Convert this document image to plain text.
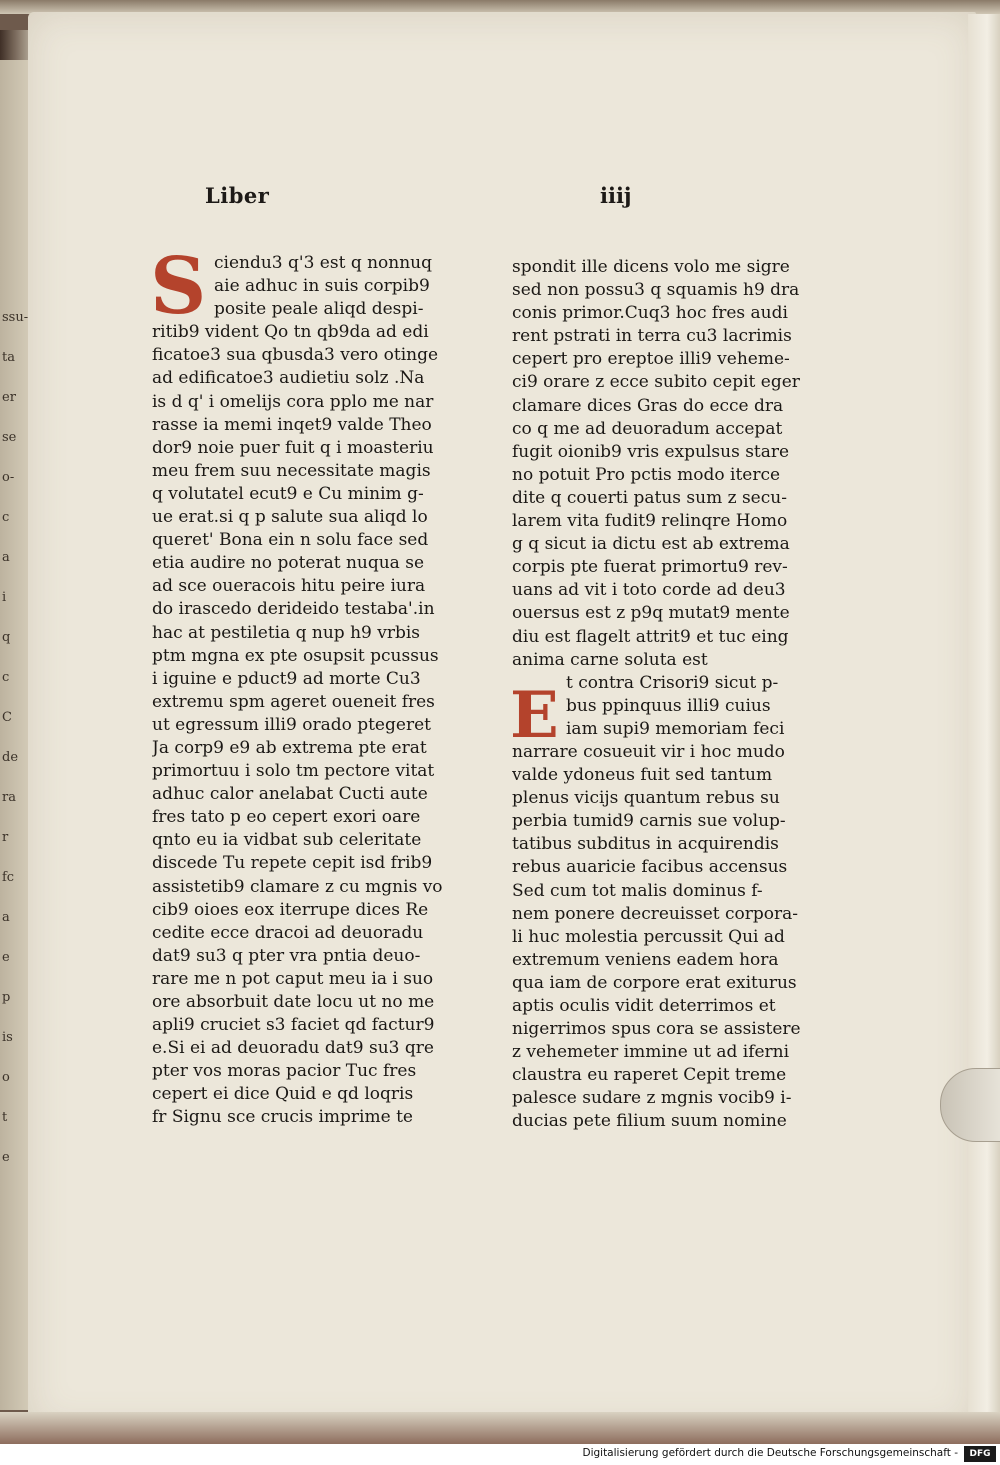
ssu-
ta
er
se
o-
c
a
i
q
c
C
de
ra
r
fc
a
e
p
is
o
t
e
Liber	iiij
S ciendu3 q'3 est q nonnuq
aie adhuc in suis corpib9
posite peale aliqd despi-
ritib9 vident Qo tn qb9da ad edi
ficatoe3 sua qbusda3 vero otinge
ad edificatoe3 audietiu solz .Na
is d q' i omelijs cora pplo me nar
rasse ia memi inqet9 valde Theo
dor9 noie puer fuit q i moasteriu
meu frem suu necessitate magis
q volutatel ecut9 e Cu minim g-
ue erat.si q p salute sua aliqd lo
queret' Bona ein n solu face sed
etia audire no poterat nuqua se
ad sce oueracois hitu peire iura
do irascedo derideido testaba'.in
hac at pestiletia q nup h9 vrbis
ptm mgna ex pte osupsit pcussus
i iguine e pduct9 ad morte Cu3
extremu spm ageret oueneit fres
ut egressum illi9 orado ptegeret
Ja corp9 e9 ab extrema pte erat
primortuu i solo tm pectore vitat
adhuc calor anelabat Cucti aute
fres tato p eo cepert exori oare
qnto eu ia vidbat sub celeritate
discede Tu repete cepit isd frib9
assistetib9 clamare z cu mgnis vo
cib9 oioes eox iterrupe dices Re
cedite ecce dracoi ad deuoradu
dat9 su3 q pter vra pntia deuo-
rare me n pot caput meu ia i suo
ore absorbuit date locu ut no me
apli9 cruciet s3 faciet qd factur9
e.Si ei ad deuoradu dat9 su3 qre
pter vos moras pacior Tuc fres
cepert ei dice Quid e qd loqris
fr Signu sce crucis imprime te
E
spondit ille dicens volo me sigre
sed non possu3 q squamis h9 dra
conis primor.Cuq3 hoc fres audi
rent pstrati in terra cu3 lacrimis
cepert pro ereptoe illi9 veheme-
ci9 orare z ecce subito cepit eger
clamare dices Gras do ecce dra
co q me ad deuoradum accepat
fugit oionib9 vris expulsus stare
no potuit Pro pctis modo iterce
dite q couerti patus sum z secu-
larem vita fudit9 relinqre Homo
g q sicut ia dictu est ab extrema
corpis pte fuerat primortu9 rev-
uans ad vit i toto corde ad deu3
ouersus est z p9q mutat9 mente
diu est flagelt attrit9 et tuc eing
anima carne soluta est
t contra Crisori9 sicut p-
bus ppinquus illi9 cuius
iam supi9 memoriam feci
narrare cosueuit vir i hoc mudo
valde ydoneus fuit sed tantum
plenus vicijs quantum rebus su
perbia tumid9 carnis sue volup-
tatibus subditus in acquirendis
rebus auaricie facibus accensus
Sed cum tot malis dominus f-
nem ponere decreuisset corpora-
li huc molestia percussit Qui ad
extremum veniens eadem hora
qua iam de corpore erat exiturus
aptis oculis vidit deterrimos et
nigerrimos spus cora se assistere
z vehemeter immine ut ad iferni
claustra eu raperet Cepit treme
palesce sudare z mgnis vocib9 i-
ducias pete filium suum nomine
Digitalisierung gefördert durch die Deutsche Forschungsgemeinschaft -	DFG
